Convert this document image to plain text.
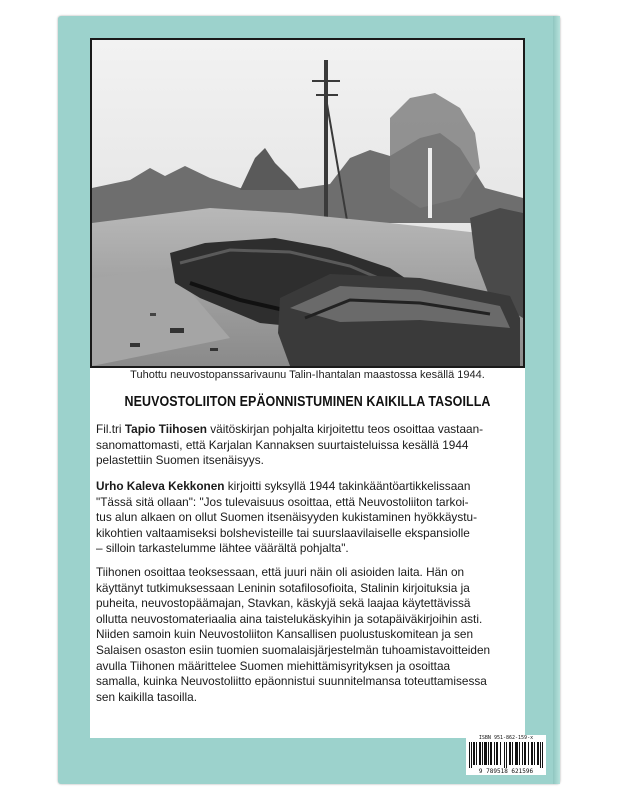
Tuhottu neuvostopanssarivaunu Talin-Ihantalan maastossa kesällä 1944.
NEUVOSTOLIITON EPÄONNISTUMINEN KAIKILLA TASOILLA

Fil.tri Tapio Tiihosen väitöskirjan pohjalta kirjoitettu teos osoittaa vastaan-

sanomattomasti, että Karjalan Kannaksen suurtaisteluissa kesällä 1944

pelastettiin Suomen itsenäisyys.

Urho Kaleva Kekkonen kirjoitti syksyllä 1944 takinkääntöartikkelissaan

"Tässä sitä ollaan": "Jos tulevaisuus osoittaa, että Neuvostoliiton tarkoi-

tus alun alkaen on ollut Suomen itsenäisyyden kukistaminen hyökkäystu-

kikohtien valtaamiseksi bolshevisteille tai suurslaavilaiselle ekspansiolle

– silloin tarkastelumme lähtee väärältä pohjalta".

Tiihonen osoittaa teoksessaan, että juuri näin oli asioiden laita. Hän on

käyttänyt tutkimuksessaan Leninin sotafilosofioita, Stalinin kirjoituksia ja

puheita, neuvostopäämajan, Stavkan, käskyjä sekä laajaa käytettävissä

ollutta neuvostomateriaalia aina taistelukäskyihin ja sotapäiväkirjoihin asti.

Niiden samoin kuin Neuvostoliiton Kansallisen puolustuskomitean ja sen

Salaisen osaston esiin tuomien suomalaisjärjestelmän tuhoamistavoitteiden

avulla Tiihonen määrittelee Suomen miehittämisyrityksen ja osoittaa

samalla, kuinka Neuvostoliitto epäonnistui suunnitelmansa toteuttamisessa

sen kaikilla tasoilla.

ISBN 951-862-159-x
9 789518 621596
